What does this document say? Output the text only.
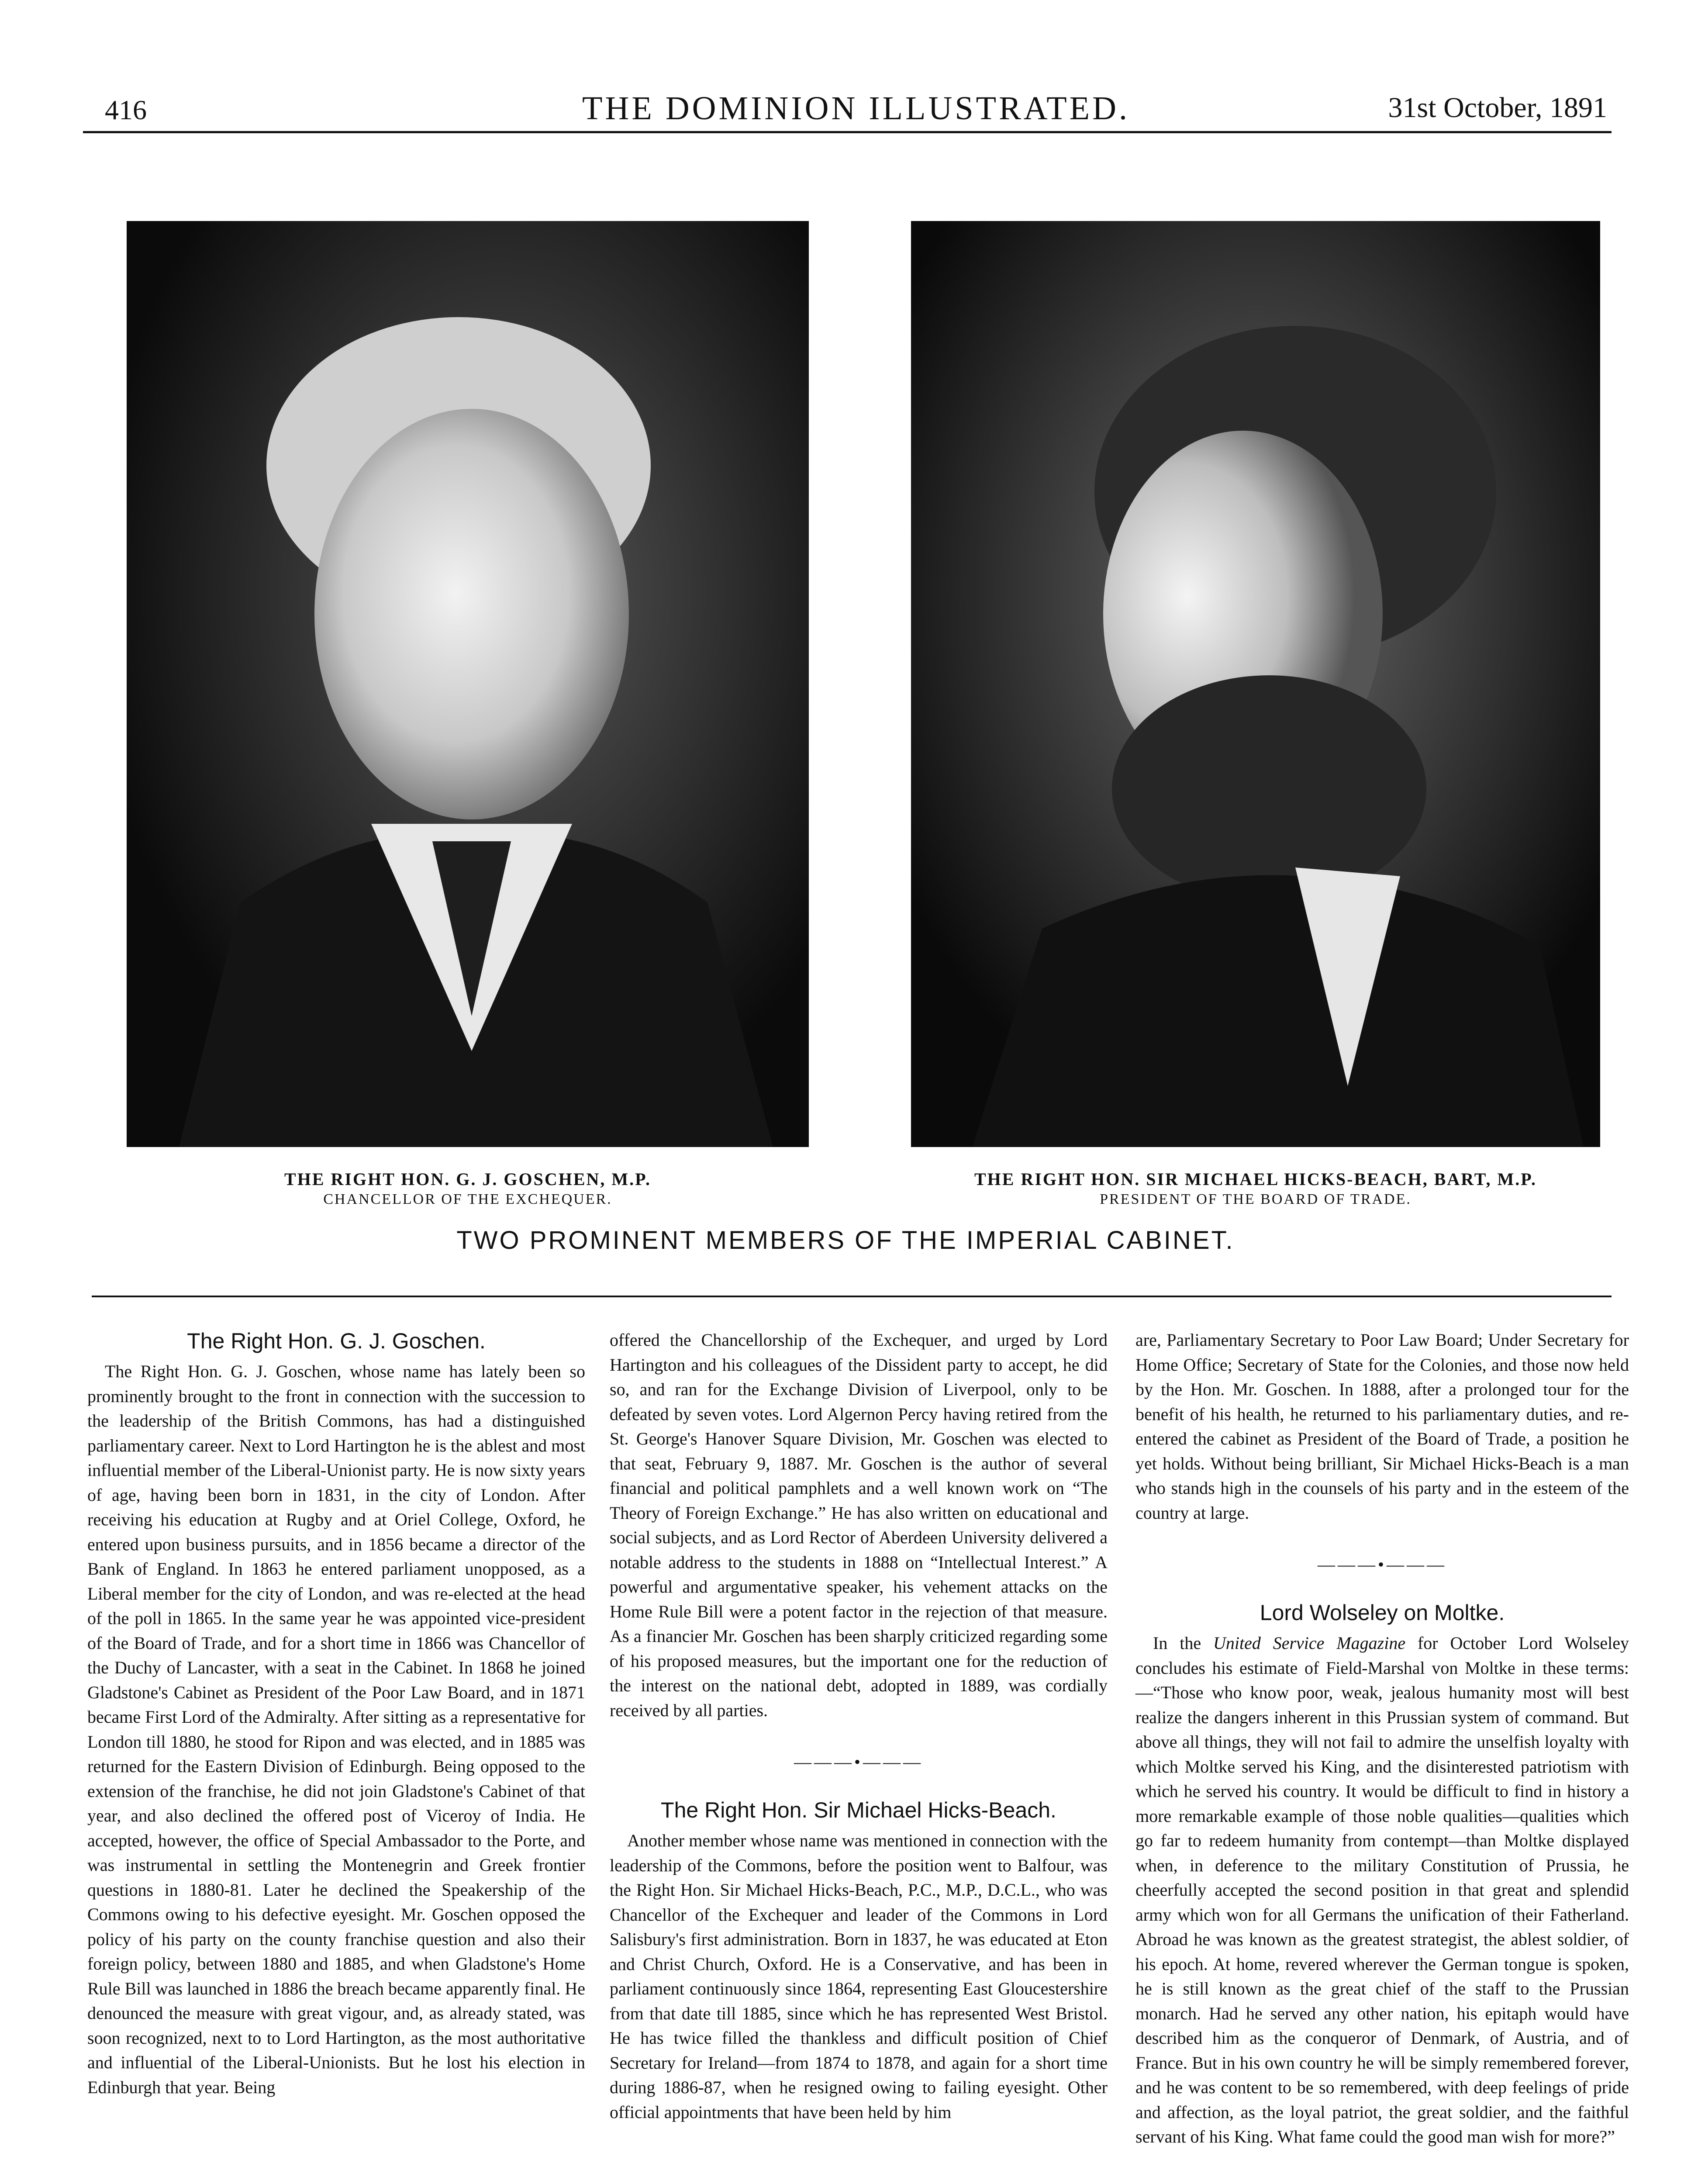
416	THE DOMINION ILLUSTRATED.	31st October, 1891
THE RIGHT HON. G. J. GOSCHEN, M.P.
CHANCELLOR OF THE EXCHEQUER.
THE RIGHT HON. SIR MICHAEL HICKS-BEACH, BART, M.P.
PRESIDENT OF THE BOARD OF TRADE.
TWO PROMINENT MEMBERS OF THE IMPERIAL CABINET.
The Right Hon. G. J. Goschen.

The Right Hon. G. J. Goschen, whose name has lately been so prominently brought to the front in connection with the succession to the leadership of the British Commons, has had a distinguished parliamentary career. Next to Lord Hartington he is the ablest and most influential member of the Liberal-Unionist party. He is now sixty years of age, having been born in 1831, in the city of London. After receiving his education at Rugby and at Oriel College, Oxford, he entered upon business pursuits, and in 1856 became a director of the Bank of England. In 1863 he entered parliament unopposed, as a Liberal member for the city of London, and was re-elected at the head of the poll in 1865. In the same year he was appointed vice-president of the Board of Trade, and for a short time in 1866 was Chancellor of the Duchy of Lancaster, with a seat in the Cabinet. In 1868 he joined Gladstone's Cabinet as President of the Poor Law Board, and in 1871 became First Lord of the Admiralty. After sitting as a representative for London till 1880, he stood for Ripon and was elected, and in 1885 was returned for the Eastern Division of Edinburgh. Being opposed to the extension of the franchise, he did not join Gladstone's Cabinet of that year, and also declined the offered post of Viceroy of India. He accepted, however, the office of Special Ambassador to the Porte, and was instrumental in settling the Montenegrin and Greek frontier questions in 1880-81. Later he declined the Speakership of the Commons owing to his defective eyesight. Mr. Goschen opposed the policy of his party on the county franchise question and also their foreign policy, between 1880 and 1885, and when Gladstone's Home Rule Bill was launched in 1886 the breach became apparently final. He denounced the measure with great vigour, and, as already stated, was soon recognized, next to to Lord Hartington, as the most authoritative and influential of the Liberal-Unionists. But he lost his election in Edinburgh that year. Being

offered the Chancellorship of the Exchequer, and urged by Lord Hartington and his colleagues of the Dissident party to accept, he did so, and ran for the Exchange Division of Liverpool, only to be defeated by seven votes. Lord Algernon Percy having retired from the St. George's Hanover Square Division, Mr. Goschen was elected to that seat, February 9, 1887. Mr. Goschen is the author of several financial and political pamphlets and a well known work on “The Theory of Foreign Exchange.” He has also written on educational and social subjects, and as Lord Rector of Aberdeen University delivered a notable address to the students in 1888 on “Intellectual Interest.” A powerful and argumentative speaker, his vehement attacks on the Home Rule Bill were a potent factor in the rejection of that measure. As a financier Mr. Goschen has been sharply criticized regarding some of his proposed measures, but the important one for the reduction of the interest on the national debt, adopted in 1889, was cordially received by all parties.

———•———
The Right Hon. Sir Michael Hicks-Beach.

Another member whose name was mentioned in connection with the leadership of the Commons, before the position went to Balfour, was the Right Hon. Sir Michael Hicks-Beach, P.C., M.P., D.C.L., who was Chancellor of the Exchequer and leader of the Commons in Lord Salisbury's first administration. Born in 1837, he was educated at Eton and Christ Church, Oxford. He is a Conservative, and has been in parliament continuously since 1864, representing East Gloucestershire from that date till 1885, since which he has represented West Bristol. He has twice filled the thankless and difficult position of Chief Secretary for Ireland—from 1874 to 1878, and again for a short time during 1886-87, when he resigned owing to failing eyesight. Other official appointments that have been held by him

are, Parliamentary Secretary to Poor Law Board; Under Secretary for Home Office; Secretary of State for the Colonies, and those now held by the Hon. Mr. Goschen. In 1888, after a prolonged tour for the benefit of his health, he returned to his parliamentary duties, and re-entered the cabinet as President of the Board of Trade, a position he yet holds. Without being brilliant, Sir Michael Hicks-Beach is a man who stands high in the counsels of his party and in the esteem of the country at large.

———•———
Lord Wolseley on Moltke.

In the United Service Magazine for October Lord Wolseley concludes his estimate of Field-Marshal von Moltke in these terms:—“Those who know poor, weak, jealous humanity most will best realize the dangers inherent in this Prussian system of command. But above all things, they will not fail to admire the unselfish loyalty with which Moltke served his King, and the disinterested patriotism with which he served his country. It would be difficult to find in history a more remarkable example of those noble qualities—qualities which go far to redeem humanity from contempt—than Moltke displayed when, in deference to the military Constitution of Prussia, he cheerfully accepted the second position in that great and splendid army which won for all Germans the unification of their Fatherland. Abroad he was known as the greatest strategist, the ablest soldier, of his epoch. At home, revered wherever the German tongue is spoken, he is still known as the great chief of the staff to the Prussian monarch. Had he served any other nation, his epitaph would have described him as the conqueror of Denmark, of Austria, and of France. But in his own country he will be simply remembered forever, and he was content to be so remembered, with deep feelings of pride and affection, as the loyal patriot, the great soldier, and the faithful servant of his King. What fame could the good man wish for more?”
